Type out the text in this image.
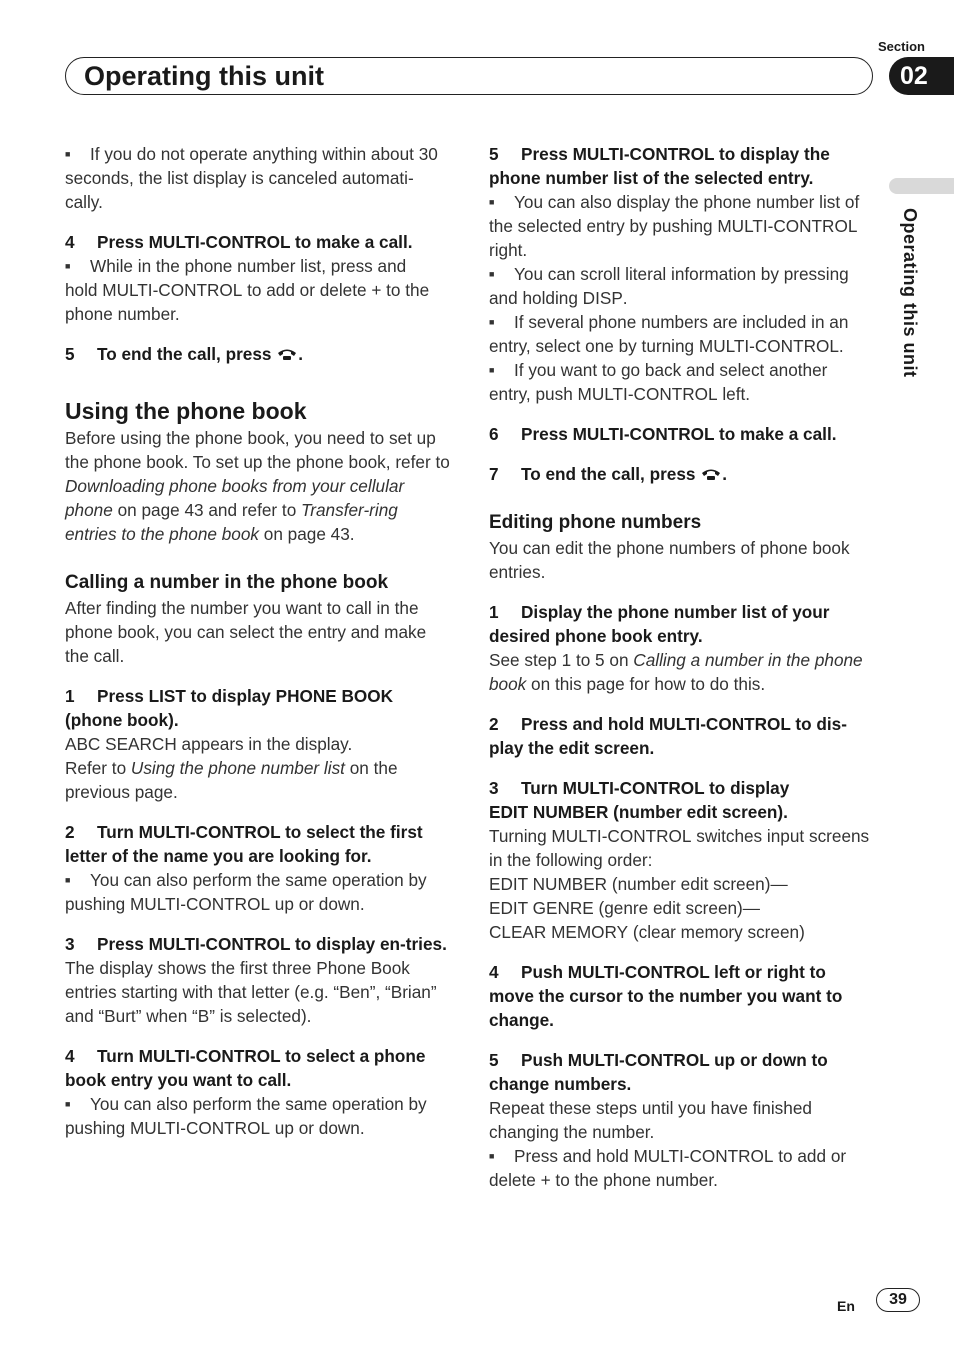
Section
Operating this unit	02
Operating this unit

■ If you do not operate anything within about 30 seconds, the list display is canceled automati-cally.

4 Press MULTI-CONTROL to make a call.

■ While in the phone number list, press and

hold MULTI-CONTROL to add or delete + to the
phone number.

5 To end the call, press .

Using the phone book

Before using the phone book, you need to set up the phone book. To set up the phone book, refer to Downloading phone books from your cellular phone on page 43 and refer to Transfer-ring entries to the phone book on page 43.

Calling a number in the phone book

After finding the number you want to call in the phone book, you can select the entry and make the call.

1 Press LIST to display PHONE BOOK (phone book).

ABC SEARCH appears in the display.
Refer to Using the phone number list on the previous page.

2 Turn MULTI-CONTROL to select the first letter of the name you are looking for.

■ You can also perform the same operation by pushing MULTI-CONTROL up or down.

3 Press MULTI-CONTROL to display en-tries.

The display shows the first three Phone Book entries starting with that letter (e.g. “Ben”, “Brian” and “Burt” when “B” is selected).

4 Turn MULTI-CONTROL to select a phone book entry you want to call.

■ You can also perform the same operation by pushing MULTI-CONTROL up or down.

5 Press MULTI-CONTROL to display the phone number list of the selected entry.

■ You can also display the phone number list of the selected entry by pushing MULTI-CONTROL right.

■ You can scroll literal information by pressing and holding DISP.

■ If several phone numbers are included in an entry, select one by turning MULTI-CONTROL.

■ If you want to go back and select another entry, push MULTI-CONTROL left.

6 Press MULTI-CONTROL to make a call.

7 To end the call, press .

Editing phone numbers

You can edit the phone numbers of phone book entries.

1 Display the phone number list of your desired phone book entry.

See step 1 to 5 on Calling a number in the phone book on this page for how to do this.

2 Press and hold MULTI-CONTROL to dis-play the edit screen.

3 Turn MULTI-CONTROL to display
EDIT NUMBER (number edit screen).

Turning MULTI-CONTROL switches input screens in the following order:
EDIT NUMBER (number edit screen)—
EDIT GENRE (genre edit screen)—
CLEAR MEMORY (clear memory screen)

4 Push MULTI-CONTROL left or right to move the cursor to the number you want to change.

5 Push MULTI-CONTROL up or down to change numbers.

Repeat these steps until you have finished changing the number.

■ Press and hold MULTI-CONTROL to add or delete + to the phone number.

En	39
